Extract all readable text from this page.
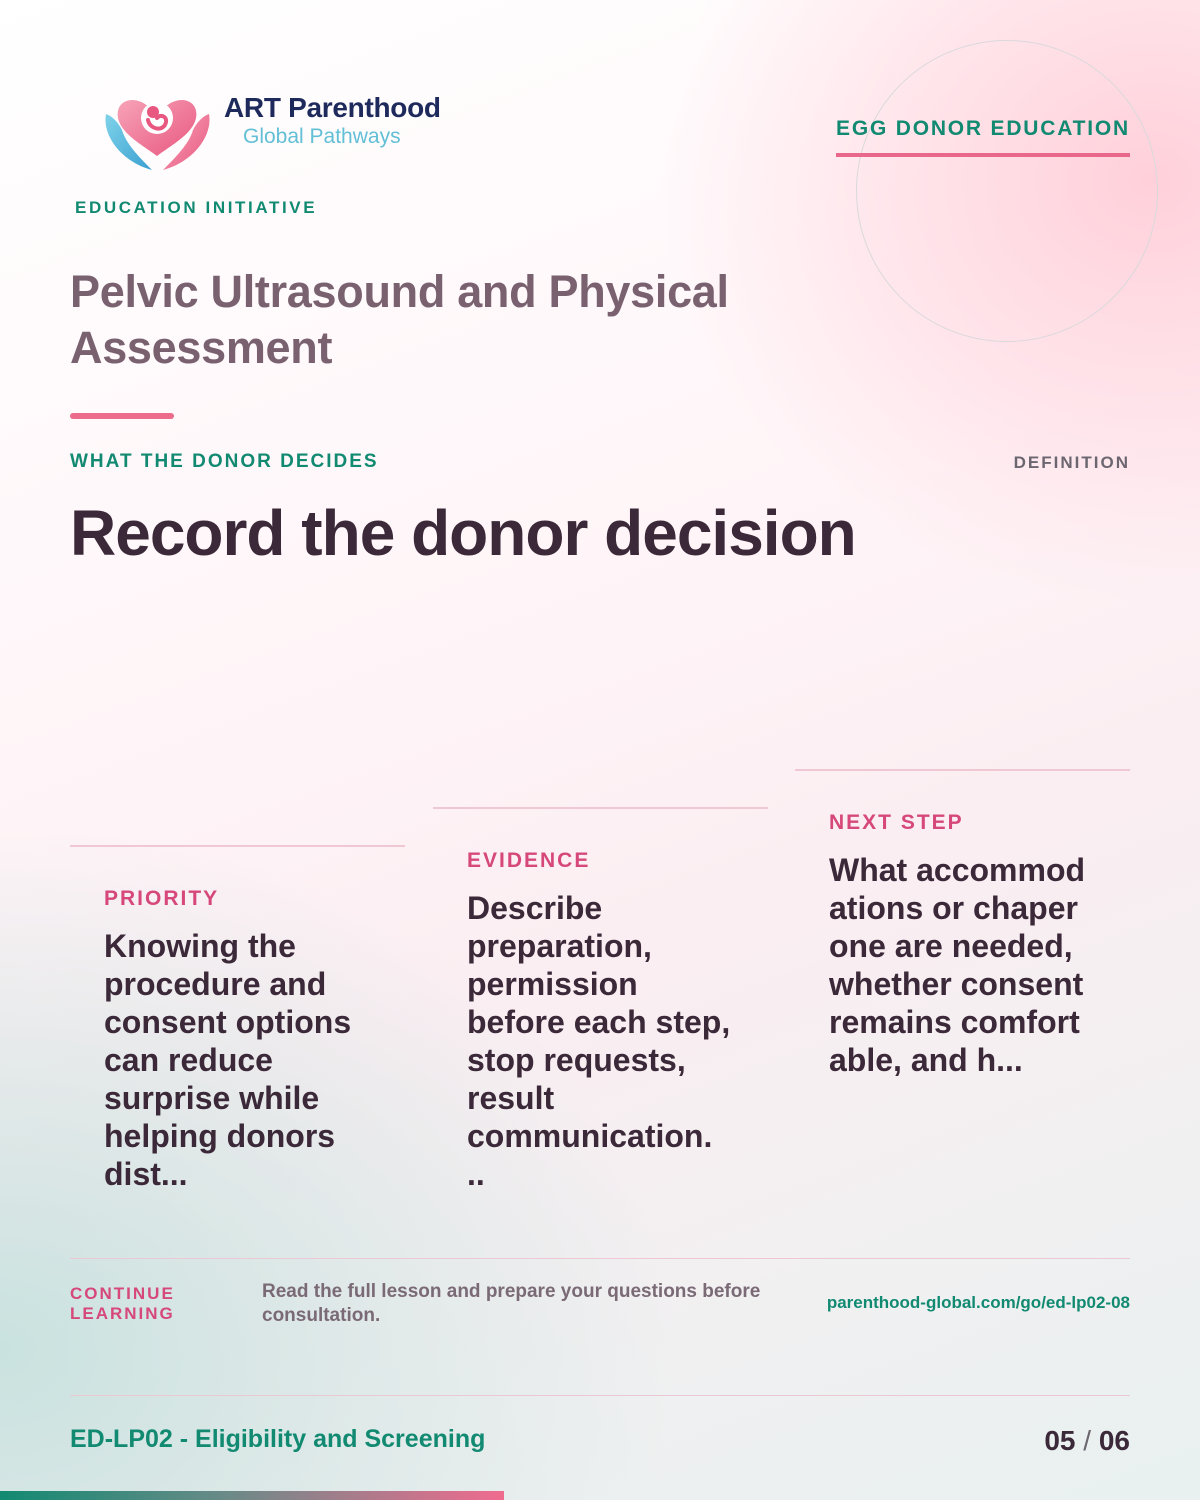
ART Parenthood
Global Pathways
EDUCATION INITIATIVE
EGG DONOR EDUCATION
Pelvic Ultrasound and Physical Assessment
WHAT THE DONOR DECIDES	DEFINITION
Record the donor decision
PRIORITY
Knowing the procedure and consent options can reduce surprise while helping donors dist...
EVIDENCE
Describe preparation, permission before each step, stop requests, result communication. ..
NEXT STEP
What accommodations or chaperone are needed, whether consent remains comfortable, and h...
CONTINUE LEARNING
Read the full lesson and prepare your questions before consultation.
parenthood-global.com/go/ed-lp02-08
ED-LP02 - Eligibility and Screening	05 / 06
